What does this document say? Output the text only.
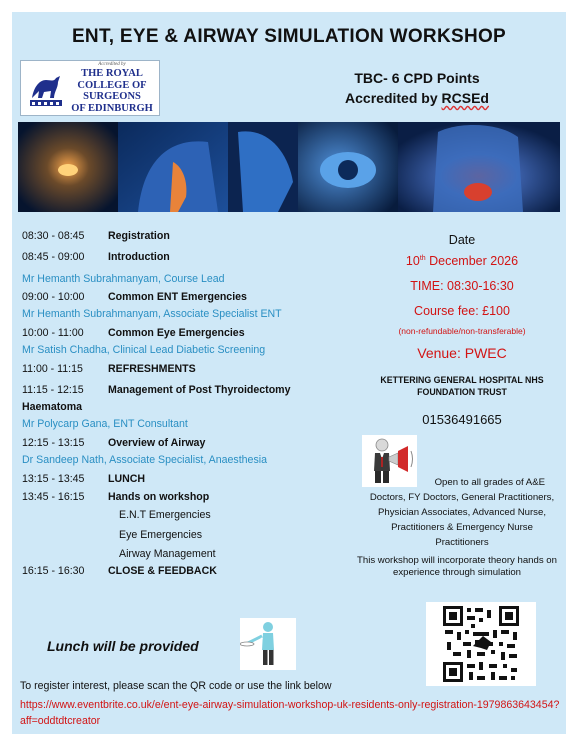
ENT, EYE & AIRWAY SIMULATION WORKSHOP
Accredited by
THE ROYAL
COLLEGE OF
SURGEONS
OF EDINBURGH
TBC- 6 CPD Points
Accredited by RCSEd
08:30 - 08:45 Registration
08:45 - 09:00 Introduction
Mr Hemanth Subrahmanyam, Course Lead
09:00 - 10:00 Common ENT Emergencies
Mr Hemanth Subrahmanyam, Associate Specialist ENT
10:00 - 11:00 Common Eye Emergencies
Mr Satish Chadha, Clinical Lead Diabetic Screening
11:00 - 11:15 REFRESHMENTS
11:15 - 12:15 Management of Post Thyroidectomy
Haematoma
Mr Polycarp Gana, ENT Consultant
12:15 - 13:15 Overview of Airway
Dr Sandeep Nath, Associate Specialist, Anaesthesia
13:15 - 13:45 LUNCH
13:45 - 16:15 Hands on workshop
E.N.T Emergencies
Eye Emergencies
Airway Management
16:15 - 16:30 CLOSE & FEEDBACK
Date
10th December 2026
TIME: 08:30-16:30
Course fee: £100
(non-refundable/non-transferable)
Venue: PWEC
KETTERING GENERAL HOSPITAL NHS FOUNDATION TRUST
01536491665
Open to all grades of A&E
Doctors, FY Doctors, General Practitioners, Physician Associates, Advanced Nurse, Practitioners & Emergency Nurse Practitioners
This workshop will incorporate theory hands on experience through simulation
Lunch will be provided
To register interest, please scan the QR code or use the link below
https://www.eventbrite.co.uk/e/ent-eye-airway-simulation-workshop-uk-residents-only-registration-1979863643454?aff=oddtdtcreator
